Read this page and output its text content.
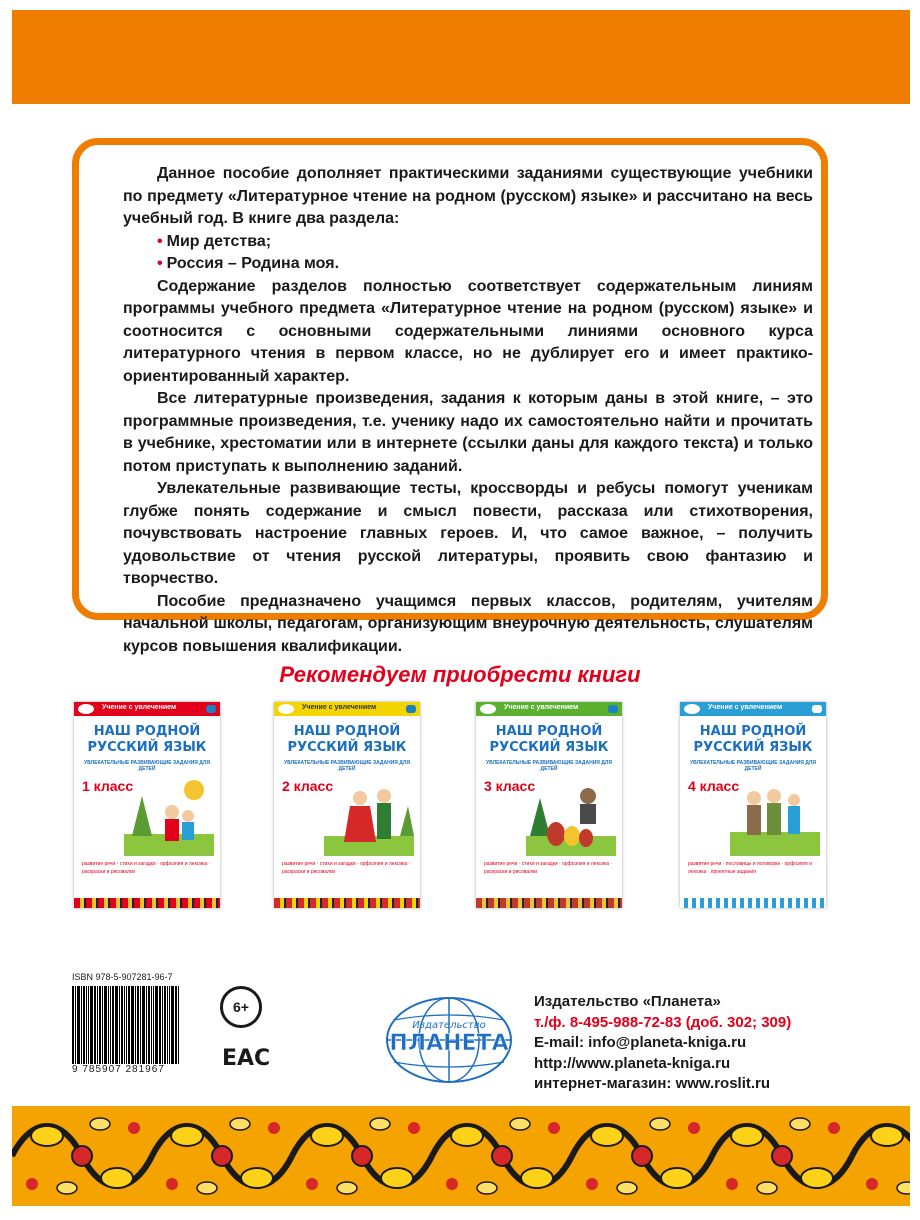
Данное пособие дополняет практическими заданиями существующие учебники по предмету «Литературное чтение на родном (русском) языке» и рассчитано на весь учебный год. В книге два раздела:

• Мир детства;

• Россия – Родина моя.

Содержание разделов полностью соответствует содержательным линиям программы учебного предмета «Литературное чтение на родном (русском) языке» и соотносится с основными содержательными линиями основного курса литературного чтения в первом классе, но не дублирует его и имеет практико-ориентированный характер.

Все литературные произведения, задания к которым даны в этой книге, – это программные произведения, т.е. ученику надо их самостоятельно найти и прочитать в учебнике, хрестоматии или в интернете (ссылки даны для каждого текста) и только потом приступать к выполнению заданий.

Увлекательные развивающие тесты, кроссворды и ребусы помогут ученикам глубже понять содержание и смысл повести, рассказа или стихотворения, почувствовать настроение главных героев. И, что самое важное, – получить удовольствие от чтения русской литературы, проявить свою фантазию и творчество.

Пособие предназначено учащимся первых классов, родителям, учителям начальной школы, педагогам, организующим внеурочную деятельность, слушателям курсов повышения квалификации.

Рекомендуем приобрести книги
Учение с увлечением
НАШ РОДНОЙ
РУССКИЙ ЯЗЫК
УВЛЕКАТЕЛЬНЫЕ РАЗВИВАЮЩИЕ ЗАДАНИЯ ДЛЯ ДЕТЕЙ
1 класс
развитие речи · стихи и загадки · орфоэпия и лексика · раскраски и рисовалки
Учение с увлечением
НАШ РОДНОЙ
РУССКИЙ ЯЗЫК
УВЛЕКАТЕЛЬНЫЕ РАЗВИВАЮЩИЕ ЗАДАНИЯ ДЛЯ ДЕТЕЙ
2 класс
развитие речи · стихи и загадки · орфоэпия и лексика · раскраски и рисовалки
Учение с увлечением
НАШ РОДНОЙ
РУССКИЙ ЯЗЫК
УВЛЕКАТЕЛЬНЫЕ РАЗВИВАЮЩИЕ ЗАДАНИЯ ДЛЯ ДЕТЕЙ
3 класс
развитие речи · стихи и загадки · орфоэпия и лексика · раскраски и рисовалки
Учение с увлечением
НАШ РОДНОЙ
РУССКИЙ ЯЗЫК
УВЛЕКАТЕЛЬНЫЕ РАЗВИВАЮЩИЕ ЗАДАНИЯ ДЛЯ ДЕТЕЙ
4 класс
развитие речи · пословицы и поговорки · орфоэпия и лексика · проектные задания
ISBN 978-5-907281-96-7
9 785907 281967
6+
ЕАС
Издательство
ПЛАНЕТА
Издательство «Планета»
т./ф. 8-495-988-72-83 (доб. 302; 309)
E-mail: info@planeta-kniga.ru
http://www.planeta-kniga.ru
интернет-магазин: www.roslit.ru
